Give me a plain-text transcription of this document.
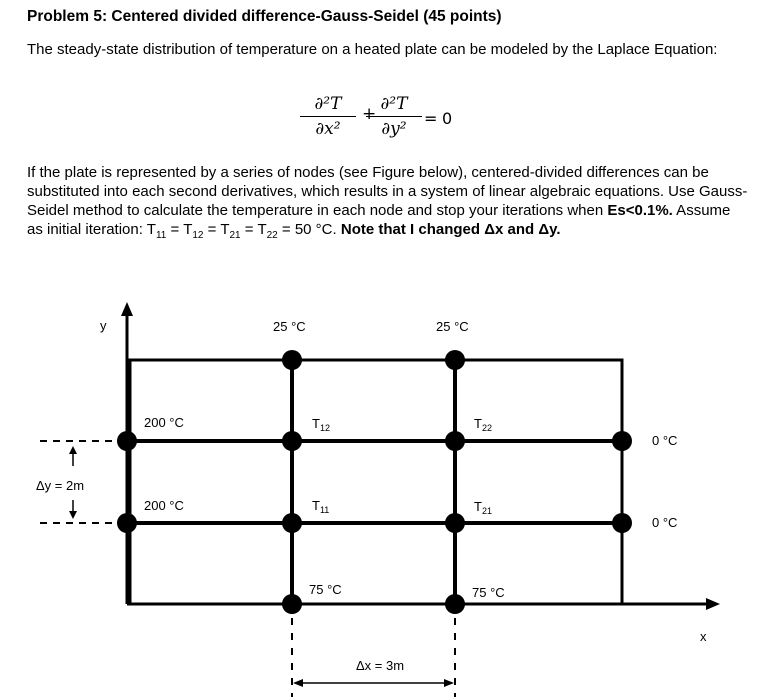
Problem 5: Centered divided difference-Gauss-Seidel (45 points)
The steady-state distribution of temperature on a heated plate can be modeled by the Laplace Equation:
$\frac{\text{∂²T}}{\text{∂x²}}$ +
$\frac{\text{∂²T}}{\text{∂y²}} = 0$
If the plate is represented by a series of nodes (see Figure below), centered-divided differences can be substituted into each second derivatives, which results in a system of linear algebraic equations. Use Gauss-Seidel method to calculate the temperature in each node and stop your iterations when Es<0.1%. Assume as initial iteration: $T_{11} = T_{12} = T_{21} = T_{22} = 50$ °C. Note that I changed Δx and Δy.
y
x
25 °C	25 °C
200 °C
200 °C
0 °C
0 °C
75 °C	75 °C
$T_{12}$	$T_{22}$
$T_{11}$	$T_{21}$
Δy = 2m
Δx = 3m
